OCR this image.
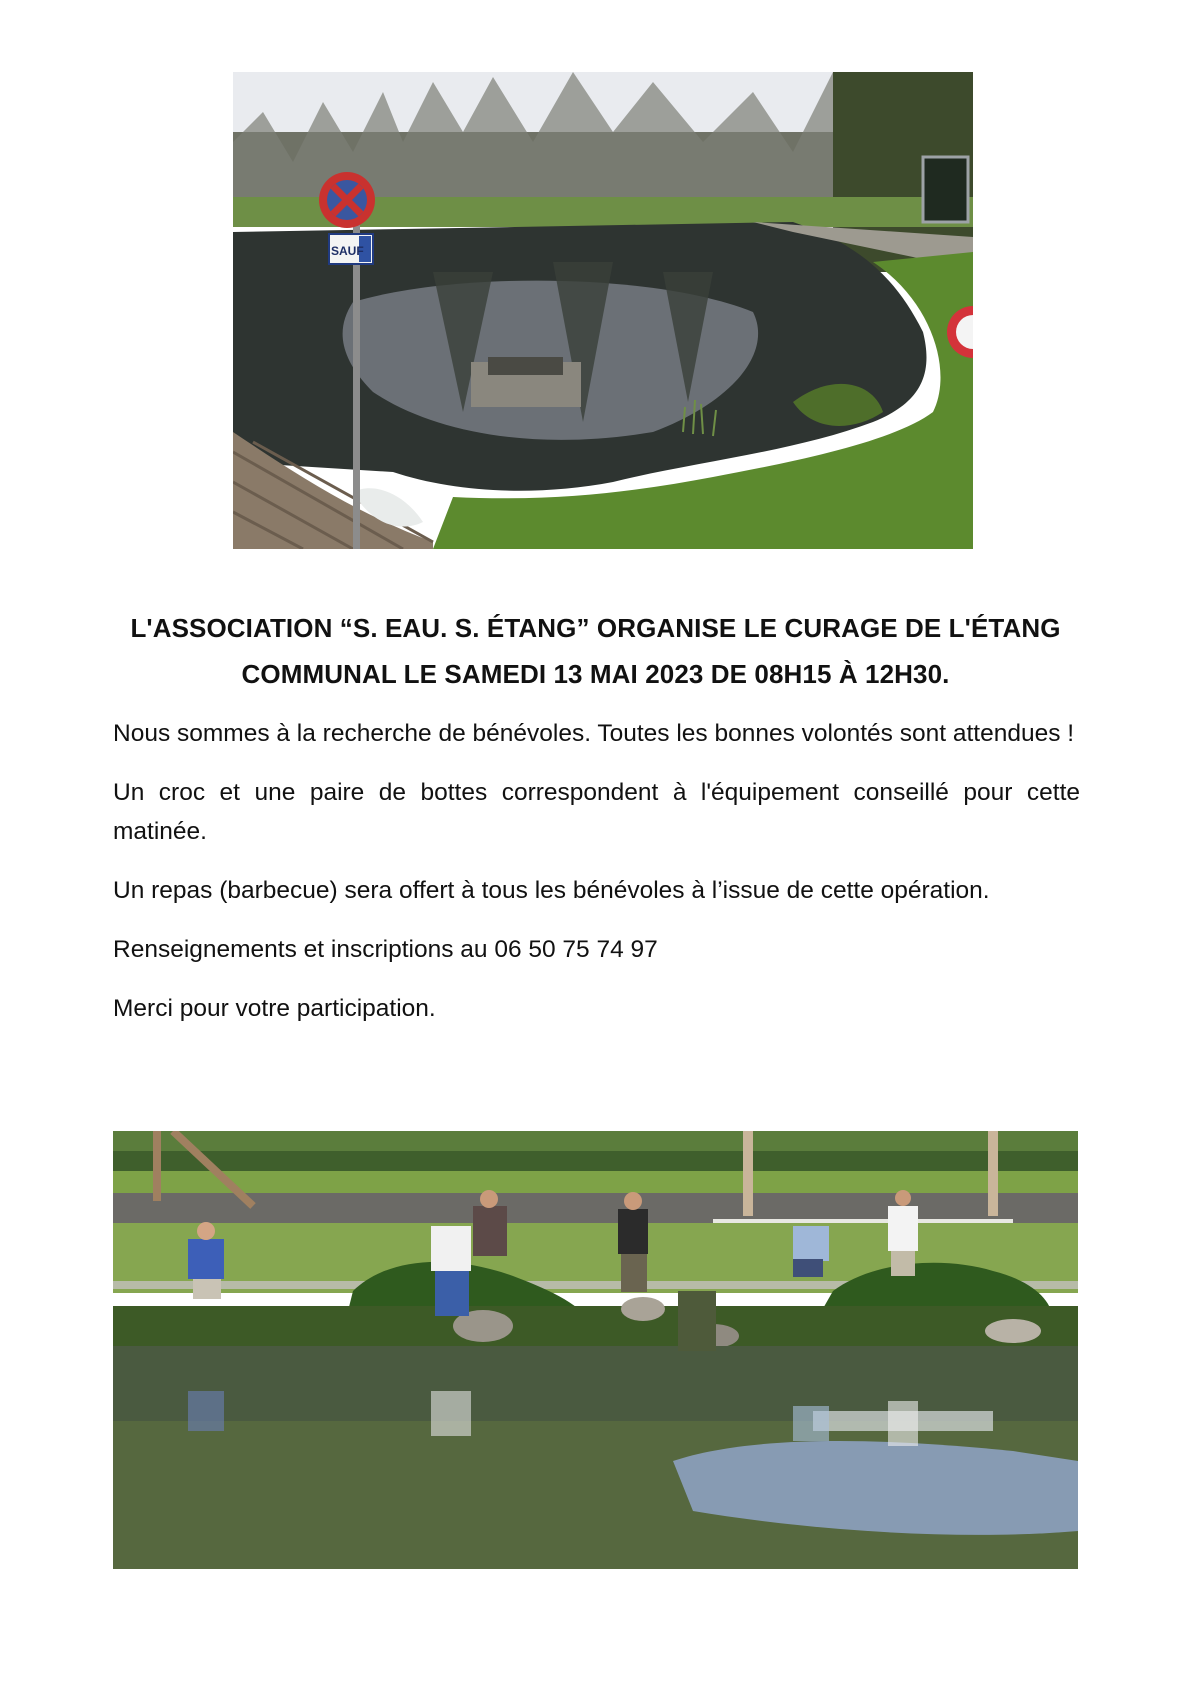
SAUF
L'ASSOCIATION “S. EAU. S. ÉTANG” ORGANISE LE CURAGE DE L'ÉTANG
COMMUNAL LE SAMEDI 13 MAI 2023 DE 08H15 À 12H30.

Nous sommes à la recherche de bénévoles. Toutes les bonnes volontés sont attendues !

Un croc et une paire de bottes correspondent à l'équipement conseillé pour cette matinée.

Un repas (barbecue) sera offert à tous les bénévoles à l’issue de cette opération.

Renseignements et inscriptions au 06 50 75 74 97

Merci pour votre participation.
